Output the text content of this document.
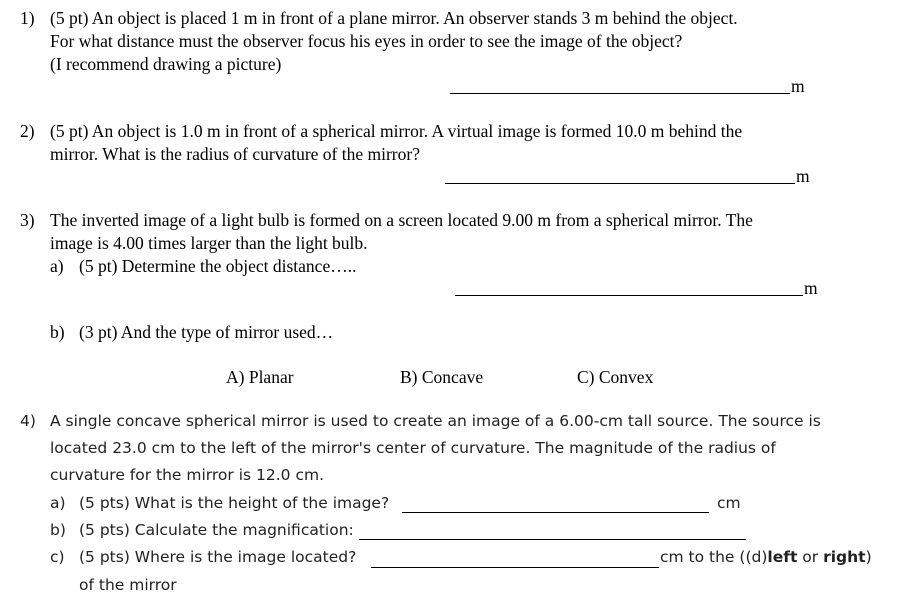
1) (5 pt) An object is placed 1 m in front of a plane mirror. An observer stands 3 m behind the object.
For what distance must the observer focus his eyes in order to see the image of the object?
(I recommend drawing a picture)
m
2) (5 pt) An object is 1.0 m in front of a spherical mirror. A virtual image is formed 10.0 m behind the
mirror. What is the radius of curvature of the mirror?
m
3) The inverted image of a light bulb is formed on a screen located 9.00 m from a spherical mirror. The
image is 4.00 times larger than the light bulb.
a) (5 pt) Determine the object distance…..
m
b) (3 pt) And the type of mirror used…
A) Planar	B) Concave	C) Convex
4) A single concave spherical mirror is used to create an image of a 6.00-cm tall source. The source is
located 23.0 cm to the left of the mirror's center of curvature. The magnitude of the radius of
curvature for the mirror is 12.0 cm.
a) (5 pts) What is the height of the image?	cm
b) (5 pts) Calculate the magnification:
c) (5 pts) Where is the image located?	cm to the ((d)left or right)
of the mirror
